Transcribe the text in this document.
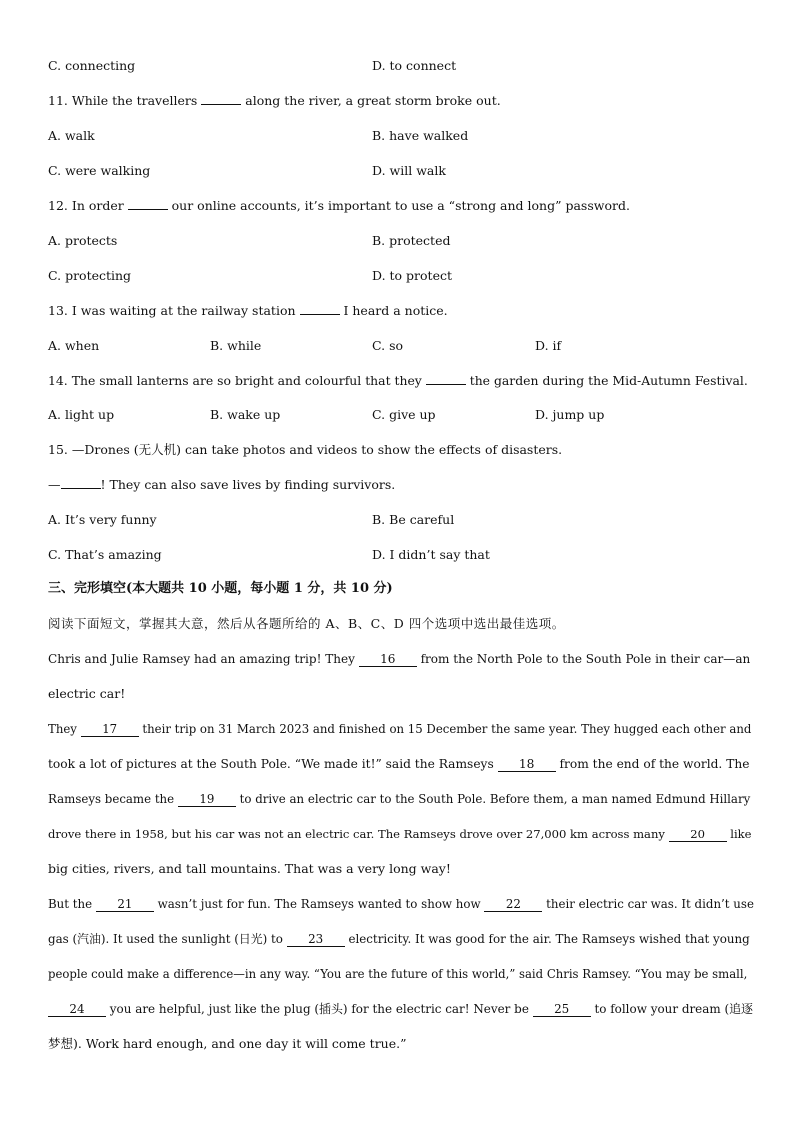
C. connecting	D. to connect
11. While the travellers	along the river, a great storm broke out.
A. walk	B. have walked
C. were walking	D. will walk
12. In order	our online accounts, it’s important to use a “strong and long” password.
A. protects	B. protected
C. protecting	D. to protect
13. I was waiting at the railway station	I heard a notice.
A. when	B. while	C. so	D. if
14. The small lanterns are so bright and colourful that they	the garden during the Mid-Autumn Festival.
A. light up	B. wake up	C. give up	D. jump up
15. —Drones (无人机) can take photos and videos to show the effects of disasters.
—	! They can also save lives by finding survivors.
A. It’s very funny	B. Be careful
C. That’s amazing	D. I didn’t say that
三、完形填空(本大题共 10 小题，每小题 1 分，共 10 分)
阅读下面短文，掌握其大意，然后从各题所给的 A、B、C、D 四个选项中选出最佳选项。
Chris and Julie Ramsey had an amazing trip! They 16 from the North Pole to the South Pole in their car—an
electric car!
They 17 their trip on 31 March 2023 and finished on 15 December the same year. They hugged each other and
took a lot of pictures at the South Pole. “We made it!” said the Ramseys 18 from the end of the world. The
Ramseys became the 19 to drive an electric car to the South Pole. Before them, a man named Edmund Hillary
drove there in 1958, but his car was not an electric car. The Ramseys drove over 27,000 km across many 20 like
big cities, rivers, and tall mountains. That was a very long way!
But the 21 wasn’t just for fun. The Ramseys wanted to show how 22 their electric car was. It didn’t use
gas (汽油). It used the sunlight (日光) to 23 electricity. It was good for the air. The Ramseys wished that young
people could make a difference—in any way. “You are the future of this world,” said Chris Ramsey. “You may be small,
24 you are helpful, just like the plug (插头) for the electric car! Never be 25 to follow your dream (追逐
梦想). Work hard enough, and one day it will come true.”
